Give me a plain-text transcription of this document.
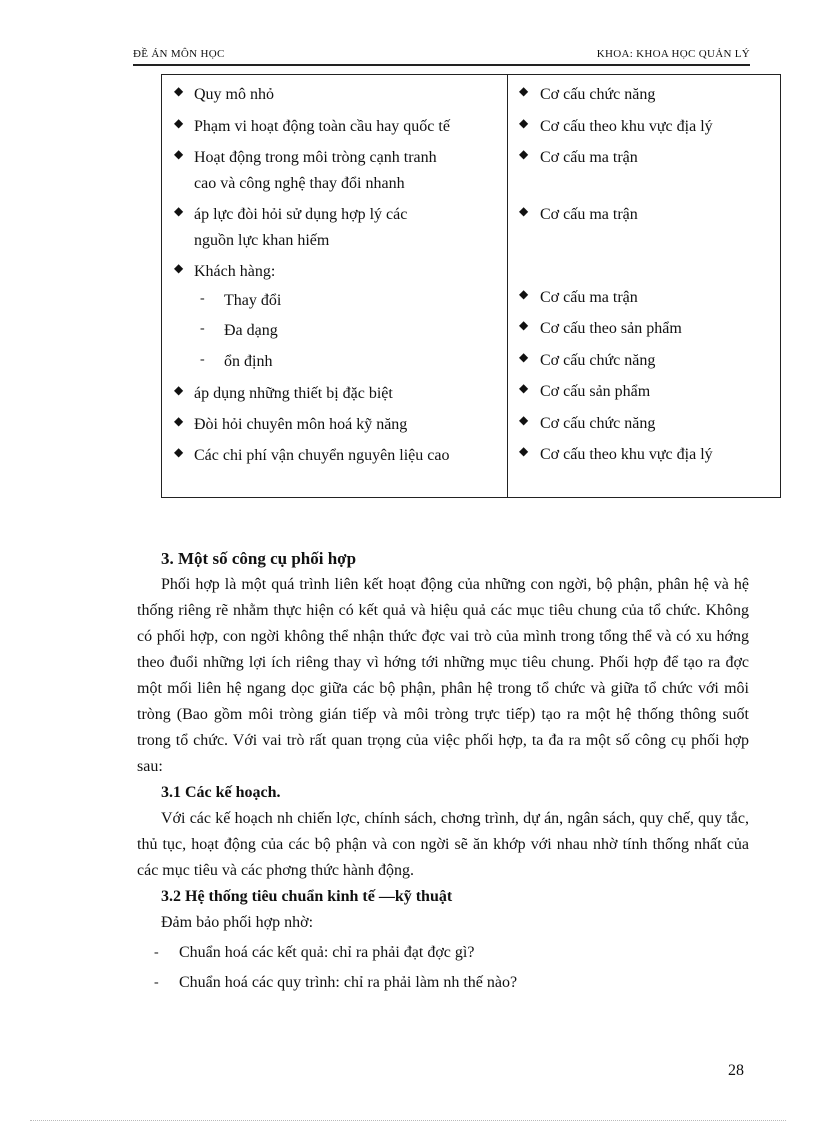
ĐỀ ÁN MÔN HỌC	KHOA: KHOA HỌC QUẢN LÝ
◆ Quy mô nhỏ
◆ Phạm vi hoạt động toàn cầu hay quốc tế
◆ Hoạt động trong môi tròng cạnh tranh
cao và công nghệ thay đổi nhanh
◆ áp lực đòi hỏi sử dụng hợp lý các
nguồn lực khan hiếm
◆ Khách hàng:
- Thay đổi
- Đa dạng
- ổn định
◆ áp dụng những thiết bị đặc biệt
◆ Đòi hỏi chuyên môn hoá kỹ năng
◆ Các chi phí vận chuyển nguyên liệu cao
◆ Cơ cấu chức năng
◆ Cơ cấu theo khu vực địa lý
◆ Cơ cấu ma trận
◆ Cơ cấu ma trận
◆ Cơ cấu ma trận
◆ Cơ cấu theo sản phẩm
◆ Cơ cấu chức năng
◆ Cơ cấu sản phẩm
◆ Cơ cấu chức năng
◆ Cơ cấu theo khu vực địa lý
3. Một số công cụ phối hợp
Phối hợp là một quá trình liên kết hoạt động của những con ngời, bộ phận, phân hệ và hệ thống riêng rẽ nhằm thực hiện có kết quả và hiệu quả các mục tiêu chung của tổ chức. Không có phối hợp, con ngời không thể nhận thức đợc vai trò của mình trong tổng thể và có xu hớng theo đuổi những lợi ích riêng thay vì hớng tới những mục tiêu chung. Phối hợp để tạo ra đợc một mối liên hệ ngang dọc giữa các bộ phận, phân hệ trong tổ chức và giữa tổ chức với môi tròng (Bao gồm môi tròng gián tiếp và môi tròng trực tiếp) tạo ra một hệ thống thông suốt trong tổ chức. Với vai trò rất quan trọng của việc phối hợp, ta đa ra một số công cụ phối hợp sau:
3.1 Các kế hoạch.
Với các kế hoạch nh chiến lợc, chính sách, chơng trình, dự án, ngân sách, quy chế, quy tắc, thủ tục, hoạt động của các bộ phận và con ngời sẽ ăn khớp với nhau nhờ tính thống nhất của các mục tiêu và các phơng thức hành động.
3.2 Hệ thống tiêu chuẩn kinh tế —kỹ thuật
Đảm bảo phối hợp nhờ:
- Chuẩn hoá các kết quả: chỉ ra phải đạt đợc gì?
- Chuẩn hoá các quy trình: chỉ ra phải làm nh thế nào?
28
